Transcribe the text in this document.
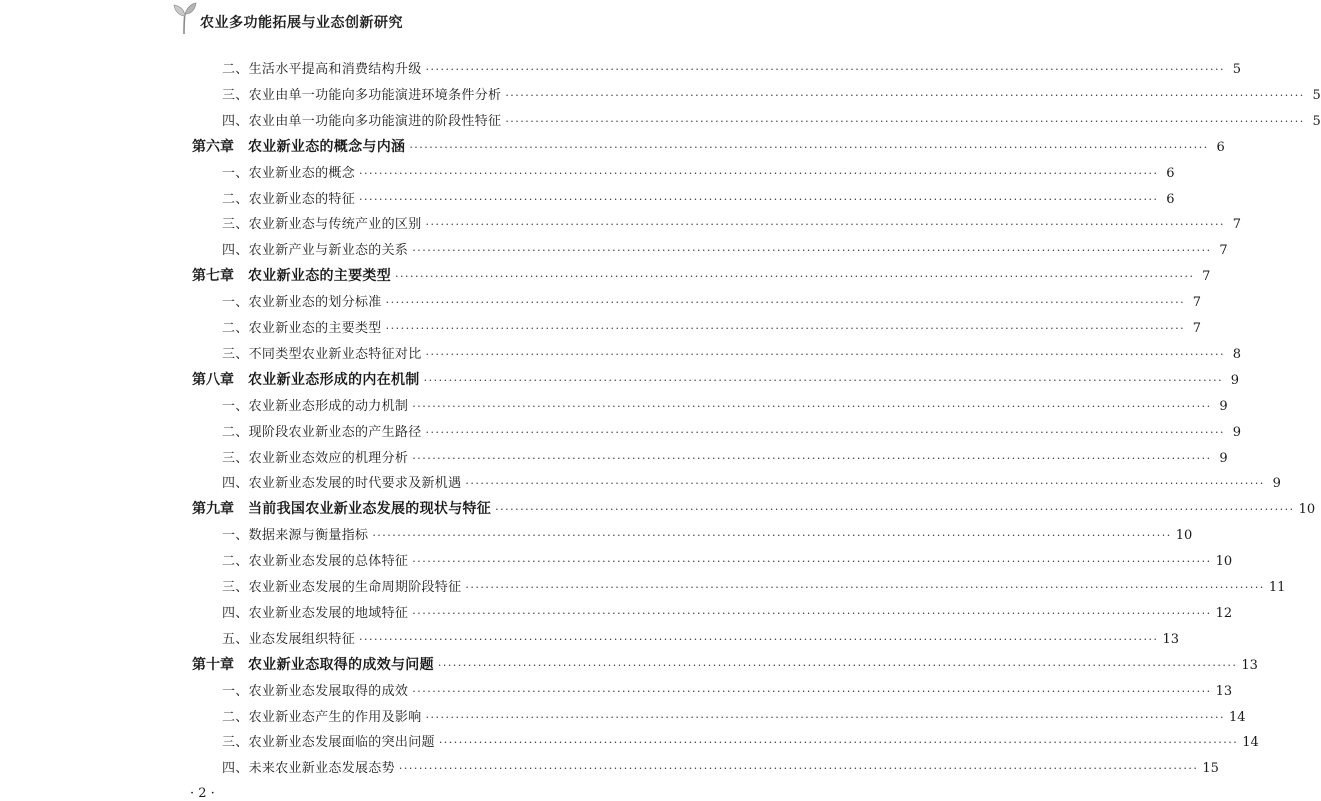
农业多功能拓展与业态创新研究
二、生活水平提高和消费结构升级 ································································································································································ 5
三、农业由单一功能向多功能演进环境条件分析 ································································································································································ 5
四、农业由单一功能向多功能演进的阶段性特征 ································································································································································ 5
第六章 农业新业态的概念与内涵 ································································································································································ 6
一、农业新业态的概念 ································································································································································ 6
二、农业新业态的特征 ································································································································································ 6
三、农业新业态与传统产业的区别 ································································································································································ 7
四、农业新产业与新业态的关系 ································································································································································ 7
第七章 农业新业态的主要类型 ································································································································································ 7
一、农业新业态的划分标准 ································································································································································ 7
二、农业新业态的主要类型 ································································································································································ 7
三、不同类型农业新业态特征对比 ································································································································································ 8
第八章 农业新业态形成的内在机制 ································································································································································ 9
一、农业新业态形成的动力机制 ································································································································································ 9
二、现阶段农业新业态的产生路径 ································································································································································ 9
三、农业新业态效应的机理分析 ································································································································································ 9
四、农业新业态发展的时代要求及新机遇 ································································································································································ 9
第九章 当前我国农业新业态发展的现状与特征 ································································································································································ 10
一、数据来源与衡量指标 ································································································································································ 10
二、农业新业态发展的总体特征 ································································································································································ 10
三、农业新业态发展的生命周期阶段特征 ································································································································································ 11
四、农业新业态发展的地域特征 ································································································································································ 12
五、业态发展组织特征 ································································································································································ 13
第十章 农业新业态取得的成效与问题 ································································································································································ 13
一、农业新业态发展取得的成效 ································································································································································ 13
二、农业新业态产生的作用及影响 ································································································································································ 14
三、农业新业态发展面临的突出问题 ································································································································································ 14
四、未来农业新业态发展态势 ································································································································································ 15
· 2 ·
